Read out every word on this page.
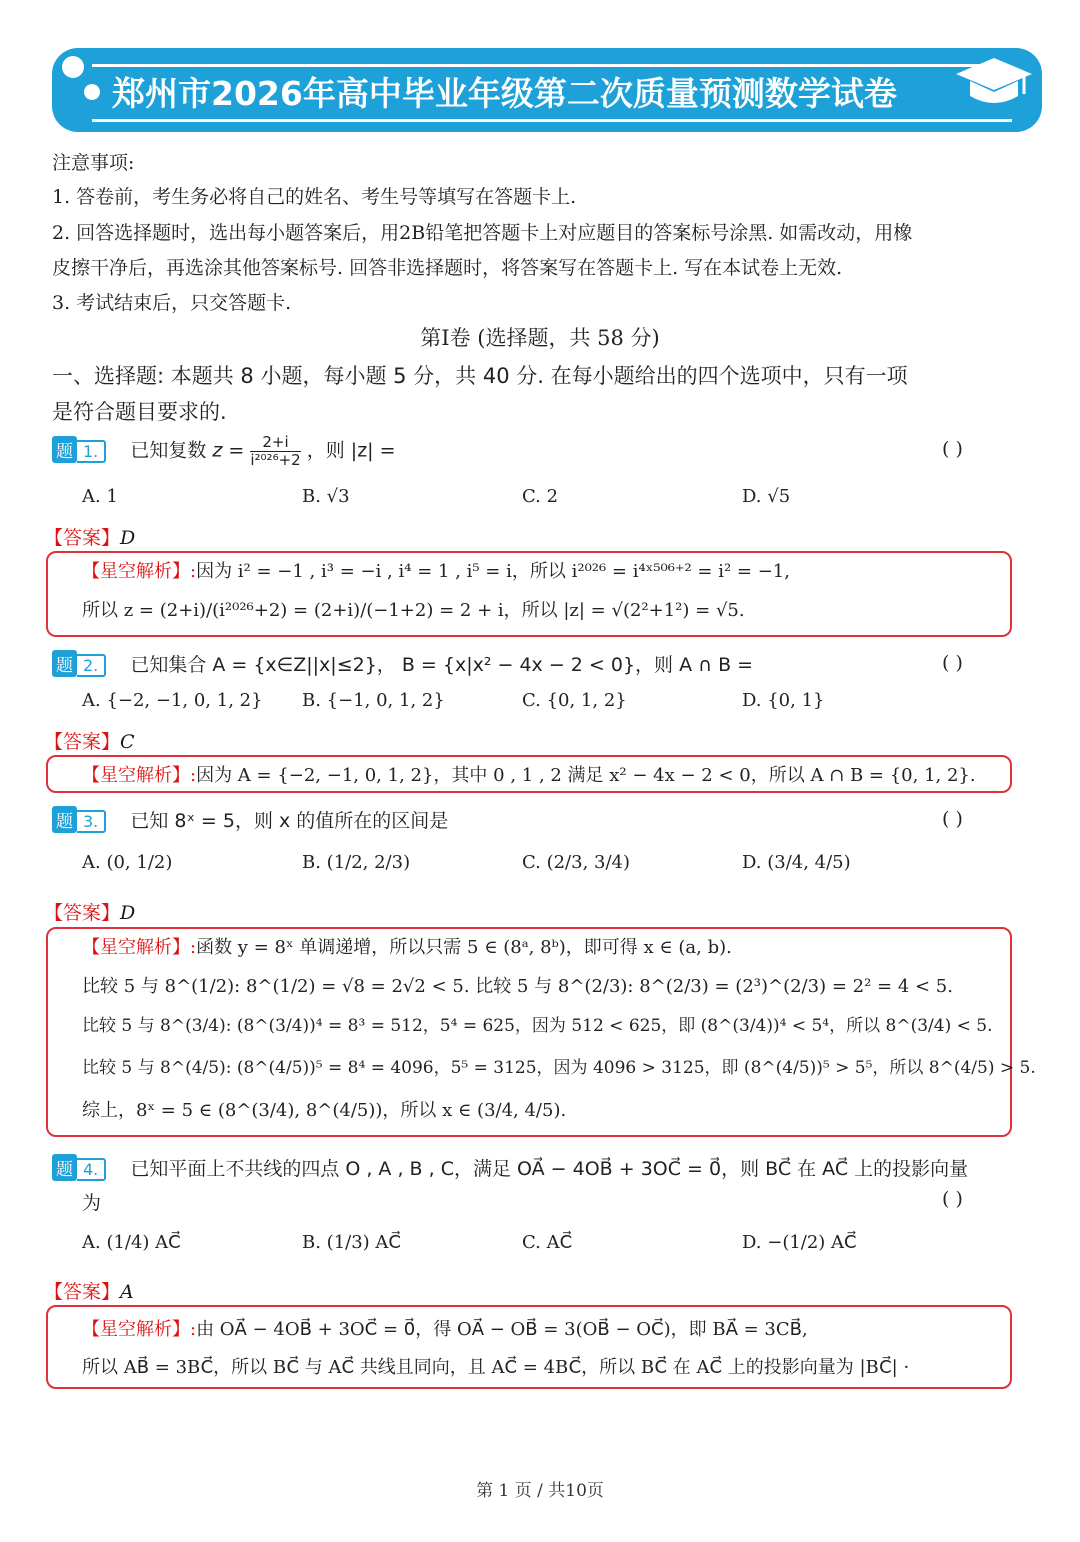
郑州市2026年高中毕业年级第二次质量预测数学试卷
注意事项:
1. 答卷前，考生务必将自己的姓名、考生号等填写在答题卡上.
2. 回答选择题时，选出每小题答案后，用2B铅笔把答题卡上对应题目的答案标号涂黑. 如需改动，用橡
皮擦干净后，再选涂其他答案标号. 回答非选择题时，将答案写在答题卡上. 写在本试卷上无效.
3. 考试结束后，只交答题卡.
第I卷 (选择题，共 58 分)
一、选择题: 本题共 8 小题，每小题 5 分，共 40 分. 在每小题给出的四个选项中，只有一项
是符合题目要求的.
题 1. 已知复数 $z = \frac{2+i}{\text{i²⁰²⁶+2}}$ ，则 |z| =	( )
A. 1	B. √3	C. 2	D. √5
【答案】D
【星空解析】:因为 i² = −1 , i³ = −i , i⁴ = 1 , i⁵ = i，所以 i²⁰²⁶ = i⁴ˣ⁵⁰⁶⁺² = i² = −1,
所以 z = (2+i)/(i²⁰²⁶+2) = (2+i)/(−1+2) = 2 + i，所以 |z| = √(2²+1²) = √5.
题 2. 已知集合 A = {x∈Z||x|≤2}， B = {x|x² − 4x − 2 < 0}，则 A ∩ B =	( )
A. {−2, −1, 0, 1, 2} B. {−1, 0, 1, 2}	C. {0, 1, 2}	D. {0, 1}
【答案】C
【星空解析】:因为 A = {−2, −1, 0, 1, 2}，其中 0 , 1 , 2 满足 x² − 4x − 2 < 0，所以 A ∩ B = {0, 1, 2}.
题 3. 已知 8ˣ = 5，则 x 的值所在的区间是	( )
A. (0, 1/2)	B. (1/2, 2/3)	C. (2/3, 3/4)	D. (3/4, 4/5)
【答案】D
【星空解析】:函数 y = 8ˣ 单调递增，所以只需 5 ∈ (8ᵃ, 8ᵇ)，即可得 x ∈ (a, b).
比较 5 与 8^(1/2): 8^(1/2) = √8 = 2√2 < 5. 比较 5 与 8^(2/3): 8^(2/3) = (2³)^(2/3) = 2² = 4 < 5.
比较 5 与 8^(3/4): (8^(3/4))⁴ = 8³ = 512，5⁴ = 625，因为 512 < 625，即 (8^(3/4))⁴ < 5⁴，所以 8^(3/4) < 5.
比较 5 与 8^(4/5): (8^(4/5))⁵ = 8⁴ = 4096，5⁵ = 3125，因为 4096 > 3125，即 (8^(4/5))⁵ > 5⁵，所以 8^(4/5) > 5.
综上，8ˣ = 5 ∈ (8^(3/4), 8^(4/5))，所以 x ∈ (3/4, 4/5).
题 4. 已知平面上不共线的四点 O , A , B , C，满足 OA⃗ − 4OB⃗ + 3OC⃗ = 0⃗，则 BC⃗ 在 AC⃗ 上的投影向量
为	( )
A. (1/4) AC⃗	B. (1/3) AC⃗	C. AC⃗	D. −(1/2) AC⃗
【答案】A
【星空解析】:由 OA⃗ − 4OB⃗ + 3OC⃗ = 0⃗，得 OA⃗ − OB⃗ = 3(OB⃗ − OC⃗)，即 BA⃗ = 3CB⃗,
所以 AB⃗ = 3BC⃗，所以 BC⃗ 与 AC⃗ 共线且同向，且 AC⃗ = 4BC⃗，所以 BC⃗ 在 AC⃗ 上的投影向量为 |BC⃗| ·
第 1 页 / 共10页
